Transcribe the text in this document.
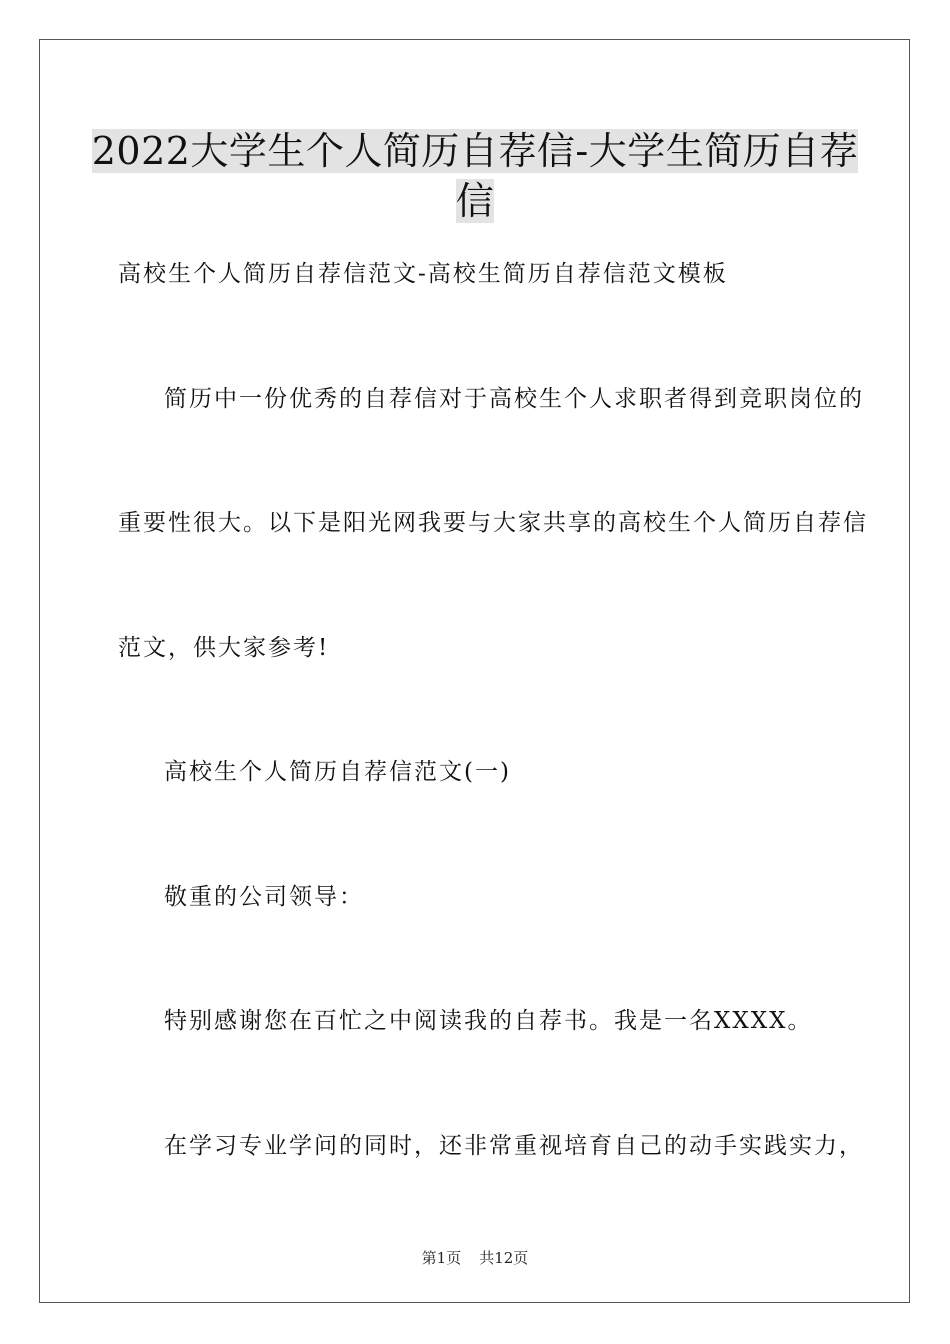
2022大学生个人简历自荐信-大学生简历自荐
信
高校生个人简历自荐信范文-高校生简历自荐信范文模板
简历中一份优秀的自荐信对于高校生个人求职者得到竞职岗位的
重要性很大。以下是阳光网我要与大家共享的高校生个人简历自荐信
范文，供大家参考!
高校生个人简历自荐信范文(一)
敬重的公司领导：
特别感谢您在百忙之中阅读我的自荐书。我是一名XXXX。
在学习专业学问的同时，还非常重视培育自己的动手实践实力，
第1页 共12页
